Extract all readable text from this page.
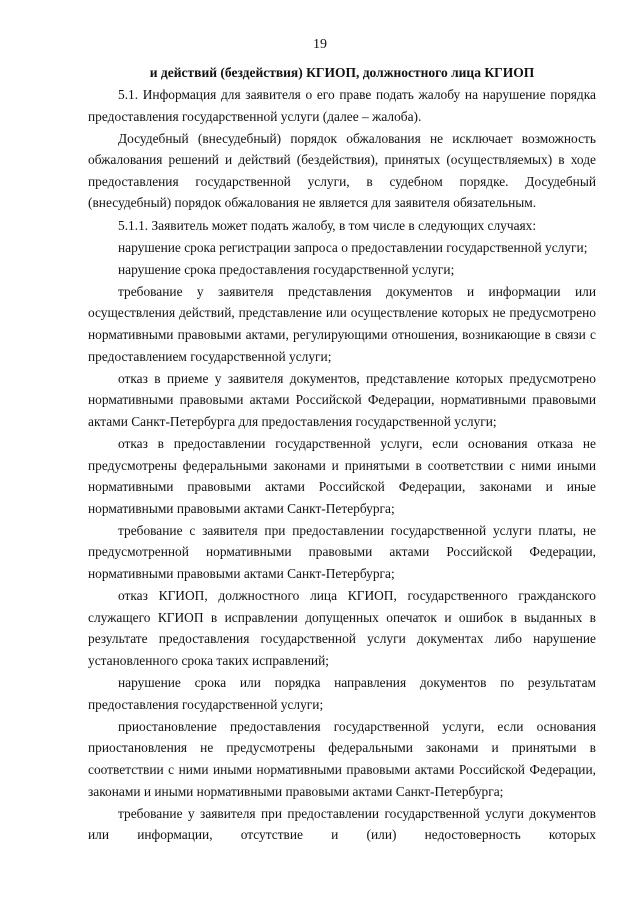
19

и действий (бездействия) КГИОП, должностного лица КГИОП

5.1. Информация для заявителя о его праве подать жалобу на нарушение порядка предоставления государственной услуги (далее – жалоба).

Досудебный (внесудебный) порядок обжалования не исключает возможность обжалования решений и действий (бездействия), принятых (осуществляемых) в ходе предоставления государственной услуги, в судебном порядке. Досудебный (внесудебный) порядок обжалования не является для заявителя обязательным.

5.1.1. Заявитель может подать жалобу, в том числе в следующих случаях:

нарушение срока регистрации запроса о предоставлении государственной услуги;

нарушение срока предоставления государственной услуги;

требование у заявителя представления документов и информации или осуществления действий, представление или осуществление которых не предусмотрено нормативными правовыми актами, регулирующими отношения, возникающие в связи с предоставлением государственной услуги;

отказ в приеме у заявителя документов, представление которых предусмотрено нормативными правовыми актами Российской Федерации, нормативными правовыми актами Санкт-Петербурга для предоставления государственной услуги;

отказ в предоставлении государственной услуги, если основания отказа не предусмотрены федеральными законами и принятыми в соответствии с ними иными нормативными правовыми актами Российской Федерации, законами и иные нормативными правовыми актами Санкт-Петербурга;

требование с заявителя при предоставлении государственной услуги платы, не предусмотренной нормативными правовыми актами Российской Федерации, нормативными правовыми актами Санкт-Петербурга;

отказ КГИОП, должностного лица КГИОП, государственного гражданского служащего КГИОП в исправлении допущенных опечаток и ошибок в выданных в результате предоставления государственной услуги документах либо нарушение установленного срока таких исправлений;

нарушение срока или порядка направления документов по результатам предоставления государственной услуги;

приостановление предоставления государственной услуги, если основания приостановления не предусмотрены федеральными законами и принятыми в соответствии с ними иными нормативными правовыми актами Российской Федерации, законами и иными нормативными правовыми актами Санкт-Петербурга;

требование у заявителя при предоставлении государственной услуги документов или информации, отсутствие и (или) недостоверность которых
